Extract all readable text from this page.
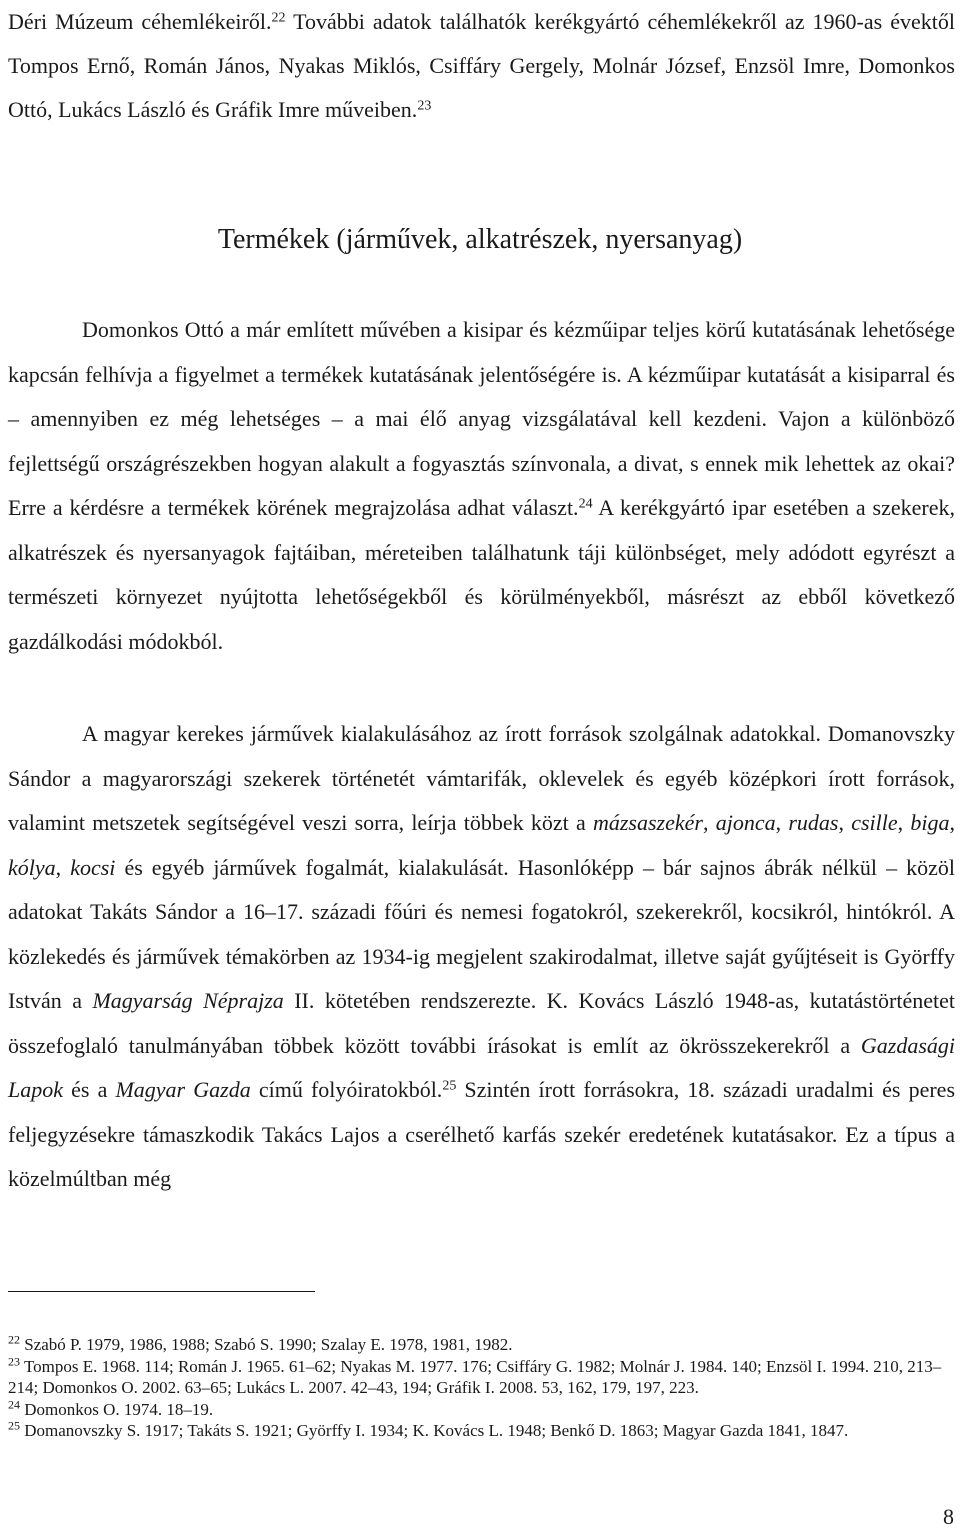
Déri Múzeum céhemlékeiről.$^{22}$ További adatok találhatók kerékgyártó céhemlékekről az 1960-as évektől Tompos Ernő, Román János, Nyakas Miklós, Csiffáry Gergely, Molnár József, Enzsöl Imre, Domonkos Ottó, Lukács László és Gráfik Imre műveiben.$^{23}$

Termékek (járművek, alkatrészek, nyersanyag)

Domonkos Ottó a már említett művében a kisipar és kézműipar teljes körű kutatásának lehetősége kapcsán felhívja a figyelmet a termékek kutatásának jelentőségére is. A kézműipar kutatását a kisiparral és – amennyiben ez még lehetséges – a mai élő anyag vizsgálatával kell kezdeni. Vajon a különböző fejlettségű országrészekben hogyan alakult a fogyasztás színvonala, a divat, s ennek mik lehettek az okai? Erre a kérdésre a termékek körének megrajzolása adhat választ.$^{24}$ A kerékgyártó ipar esetében a szekerek, alkatrészek és nyersanyagok fajtáiban, méreteiben találhatunk táji különbséget, mely adódott egyrészt a természeti környezet nyújtotta lehetőségekből és körülményekből, másrészt az ebből következő gazdálkodási módokból.

A magyar kerekes járművek kialakulásához az írott források szolgálnak adatokkal. Domanovszky Sándor a magyarországi szekerek történetét vámtarifák, oklevelek és egyéb középkori írott források, valamint metszetek segítségével veszi sorra, leírja többek közt a mázsaszekér, ajonca, rudas, csille, biga, kólya, kocsi és egyéb járművek fogalmát, kialakulását. Hasonlóképp – bár sajnos ábrák nélkül – közöl adatokat Takáts Sándor a 16–17. századi főúri és nemesi fogatokról, szekerekről, kocsikról, hintókról. A közlekedés és járművek témakörben az 1934-ig megjelent szakirodalmat, illetve saját gyűjtéseit is Györffy István a Magyarság Néprajza II. kötetében rendszerezte. K. Kovács László 1948-as, kutatástörténetet összefoglaló tanulmányában többek között további írásokat is említ az ökrösszekerekről a Gazdasági Lapok és a Magyar Gazda című folyóiratokból.$^{25}$ Szintén írott forrásokra, 18. századi uradalmi és peres feljegyzésekre támaszkodik Takács Lajos a cserélhető karfás szekér eredetének kutatásakor. Ez a típus a közelmúltban még

$^{22}$ Szabó P. 1979, 1986, 1988; Szabó S. 1990; Szalay E. 1978, 1981, 1982.
$^{23}$ Tompos E. 1968. 114; Román J. 1965. 61–62; Nyakas M. 1977. 176; Csiffáry G. 1982; Molnár J. 1984. 140; Enzsöl I. 1994. 210, 213–214; Domonkos O. 2002. 63–65; Lukács L. 2007. 42–43, 194; Gráfik I. 2008. 53, 162, 179, 197, 223.
$^{24}$ Domonkos O. 1974. 18–19.
$^{25}$ Domanovszky S. 1917; Takáts S. 1921; Györffy I. 1934; K. Kovács L. 1948; Benkő D. 1863; Magyar Gazda 1841, 1847.
8
